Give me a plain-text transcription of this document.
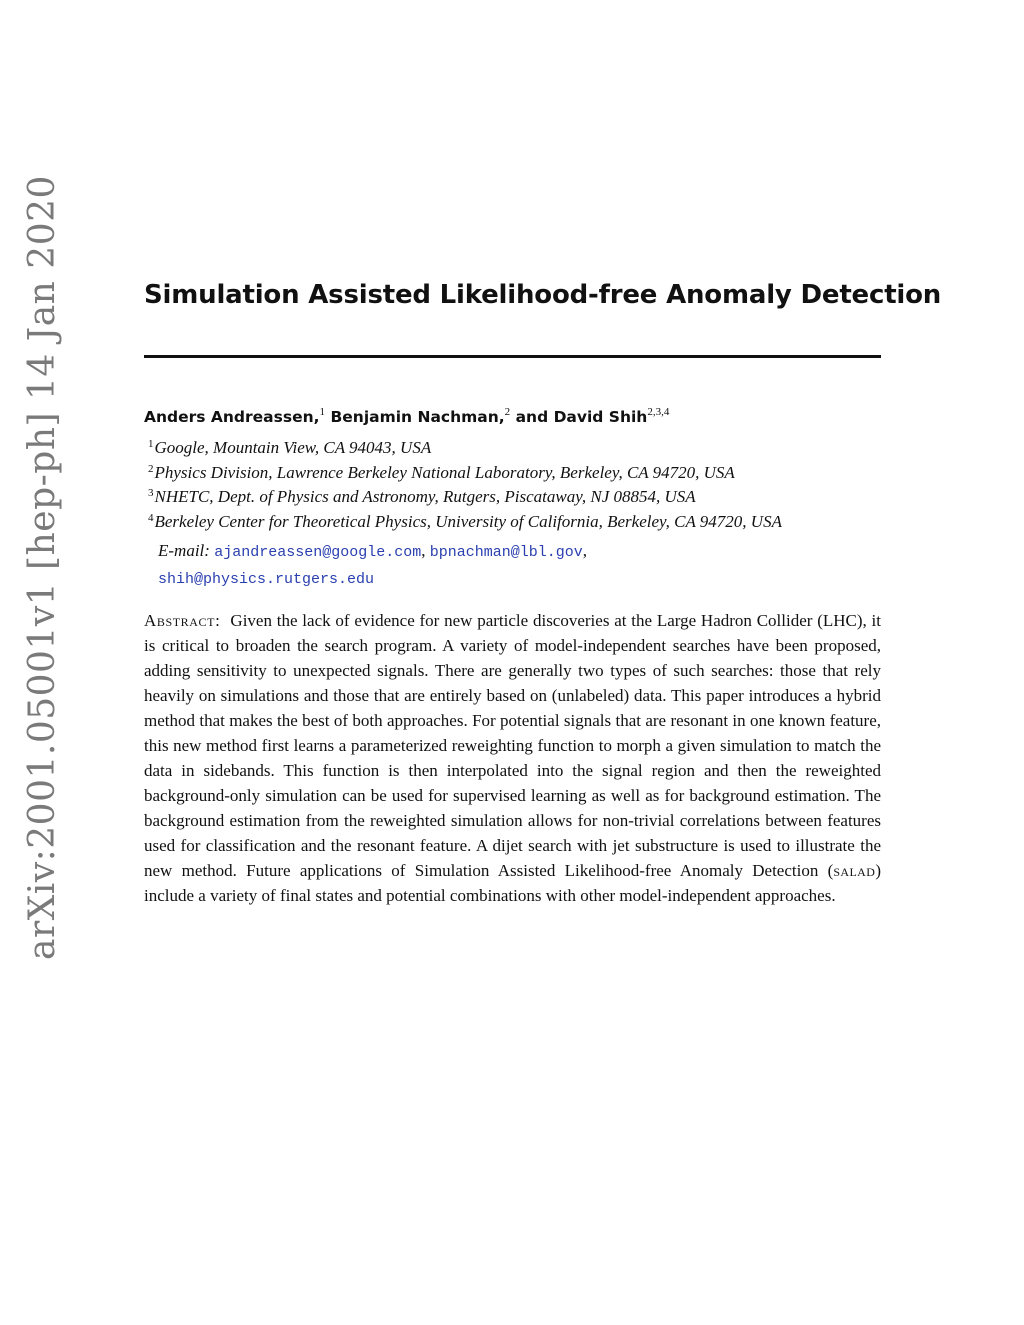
arXiv:2001.05001v1 [hep-ph] 14 Jan 2020	Simulation Assisted Likelihood-free Anomaly Detection
Anders Andreassen,$^1$ Benjamin Nachman,$^2$ and David Shih$^{2,3,4}$
$^1$Google, Mountain View, CA 94043, USA
$^2$Physics Division, Lawrence Berkeley National Laboratory, Berkeley, CA 94720, USA
$^3$NHETC, Dept. of Physics and Astronomy, Rutgers, Piscataway, NJ 08854, USA
$^4$Berkeley Center for Theoretical Physics, University of California, Berkeley, CA 94720, USA
E-mail: ajandreassen@google.com, bpnachman@lbl.gov,
shih@physics.rutgers.edu
Abstract: Given the lack of evidence for new particle discoveries at the Large Hadron Collider (LHC), it is critical to broaden the search program. A variety of model-independent searches have been proposed, adding sensitivity to unexpected signals. There are generally two types of such searches: those that rely heavily on simulations and those that are entirely based on (unlabeled) data. This paper introduces a hybrid method that makes the best of both approaches. For potential signals that are resonant in one known feature, this new method first learns a parameterized reweighting function to morph a given simulation to match the data in sidebands. This function is then interpolated into the signal region and then the reweighted background-only simulation can be used for supervised learning as well as for background estimation. The background estimation from the reweighted simulation allows for non-trivial correlations between features used for classification and the resonant feature. A dijet search with jet substructure is used to illustrate the new method. Future applications of Simulation Assisted Likelihood-free Anomaly Detection (salad) include a variety of final states and potential combinations with other model-independent approaches.
